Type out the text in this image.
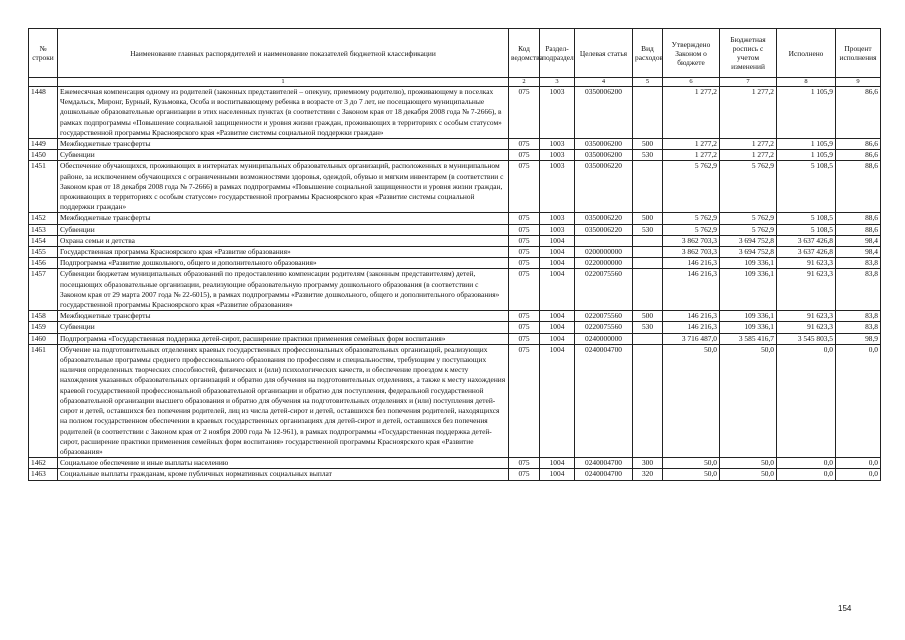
№ строки	Наименование главных распорядителей и наименование показателей бюджетной классификации	Код ведомства	Раздел-подраздел	Целевая статья	Вид расходов	Утверждено Законом о бюджете	Бюджетная роспись с учетом изменений	Исполнено	Процент исполнения
	1	2	3	4	5	6	7	8	9
1448	Ежемесячная компенсация одному из родителей (законных представителей – опекуну, приемному родителю), проживающему в поселках Чемдальск, Миронг, Бурный, Кузьмовка, Особа и воспитывающему ребенка в возрасте от 3 до 7 лет, не посещающего муниципальные дошкольные образовательные организации в этих населенных пунктах (в соответствии с Законом края от 18 декабря 2008 года № 7-2666), в рамках подпрограммы «Повышение социальной защищенности и уровня жизни граждан, проживающих в территориях с особым статусом» государственной программы Красноярского края «Развитие системы социальной поддержки граждан»	075	1003	0350006200		1 277,2	1 277,2	1 105,9	86,6
1449	Межбюджетные трансферты	075	1003	0350006200	500	1 277,2	1 277,2	1 105,9	86,6
1450	Субвенции	075	1003	0350006200	530	1 277,2	1 277,2	1 105,9	86,6
1451	Обеспечение обучающихся, проживающих в интернатах муниципальных образовательных организаций, расположенных в муниципальном районе, за исключением обучающихся с ограниченными возможностями здоровья, одеждой, обувью и мягким инвентарем (в соответствии с Законом края от 18 декабря 2008 года № 7-2666) в рамках подпрограммы «Повышение социальной защищенности и уровня жизни граждан, проживающих в территориях с особым статусом» государственной программы Красноярского края «Развитие системы социальной поддержки граждан»	075	1003	0350006220		5 762,9	5 762,9	5 108,5	88,6
1452	Межбюджетные трансферты	075	1003	0350006220	500	5 762,9	5 762,9	5 108,5	88,6
1453	Субвенции	075	1003	0350006220	530	5 762,9	5 762,9	5 108,5	88,6
1454	Охрана семьи и детства	075	1004			3 862 703,3	3 694 752,8	3 637 426,8	98,4
1455	Государственная программа Красноярского края «Развитие образования»	075	1004	0200000000		3 862 703,3	3 694 752,8	3 637 426,8	98,4
1456	Подпрограмма «Развитие дошкольного, общего и дополнительного образования»	075	1004	0220000000		146 216,3	109 336,1	91 623,3	83,8
1457	Субвенции бюджетам муниципальных образований по предоставлению компенсации родителям (законным представителям) детей, посещающих образовательные организации, реализующие образовательную программу дошкольного образования (в соответствии с Законом края от 29 марта 2007 года № 22-6015), в рамках подпрограммы «Развитие дошкольного, общего и дополнительного образования» государственной программы Красноярского края «Развитие образования»	075	1004	0220075560		146 216,3	109 336,1	91 623,3	83,8
1458	Межбюджетные трансферты	075	1004	0220075560	500	146 216,3	109 336,1	91 623,3	83,8
1459	Субвенции	075	1004	0220075560	530	146 216,3	109 336,1	91 623,3	83,8
1460	Подпрограмма «Государственная поддержка детей-сирот, расширение практики применения семейных форм воспитания»	075	1004	0240000000		3 716 487,0	3 585 416,7	3 545 803,5	98,9
1461	Обучение на подготовительных отделениях краевых государственных профессиональных образовательных организаций, реализующих образовательные программы среднего профессионального образования по профессиям и специальностям, требующим у поступающих наличия определенных творческих способностей, физических и (или) психологических качеств, и обеспечение проездом к месту нахождения указанных образовательных организаций и обратно для обучения на подготовительных отделениях, а также к месту нахождения краевой государственной профессиональной образовательной организации и обратно для поступления, федеральной государственной образовательной организации высшего образования и обратно для обучения на подготовительных отделениях и (или) поступления детей-сирот и детей, оставшихся без попечения родителей, лиц из числа детей-сирот и детей, оставшихся без попечения родителей, находящихся на полном государственном обеспечении в краевых государственных организациях для детей-сирот и детей, оставшихся без попечения родителей (в соответствии с Законом края от 2 ноября 2000 года № 12-961), в рамках подпрограммы «Государственная поддержка детей-сирот, расширение практики применения семейных форм воспитания» государственной программы Красноярского края «Развитие образования»	075	1004	0240004700		50,0	50,0	0,0	0,0
1462	Социальное обеспечение и иные выплаты населению	075	1004	0240004700	300	50,0	50,0	0,0	0,0
1463	Социальные выплаты гражданам, кроме публичных нормативных социальных выплат	075	1004	0240004700	320	50,0	50,0	0,0	0,0
154
